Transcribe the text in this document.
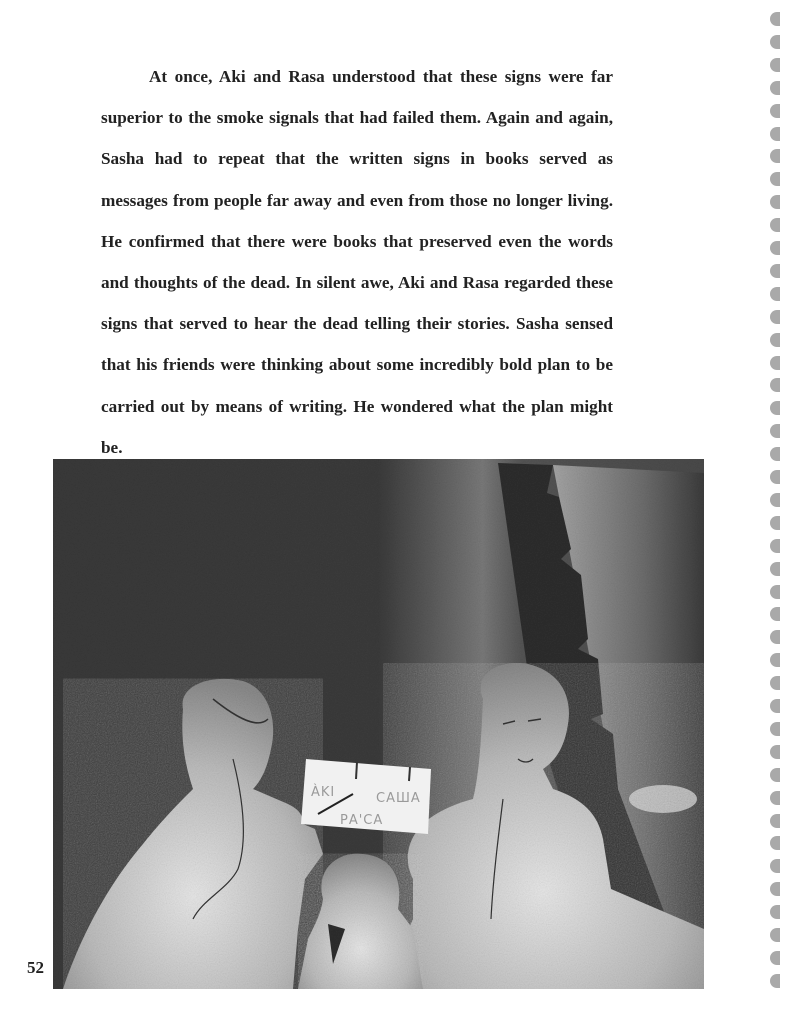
At once, Aki and Rasa understood that these signs were far superior to the smoke signals that had failed them. Again and again, Sasha had to repeat that the written signs in books served as messages from people far away and even from those no longer living. He confirmed that there were books that preserved even the words and thoughts of the dead. In silent awe, Aki and Rasa regarded these signs that served to hear the dead telling their stories. Sasha sensed that his friends were thinking about some incredibly bold plan to be carried out by means of writing. He wondered what the plan might be.

ÀKI	САША
РА'СА
52
